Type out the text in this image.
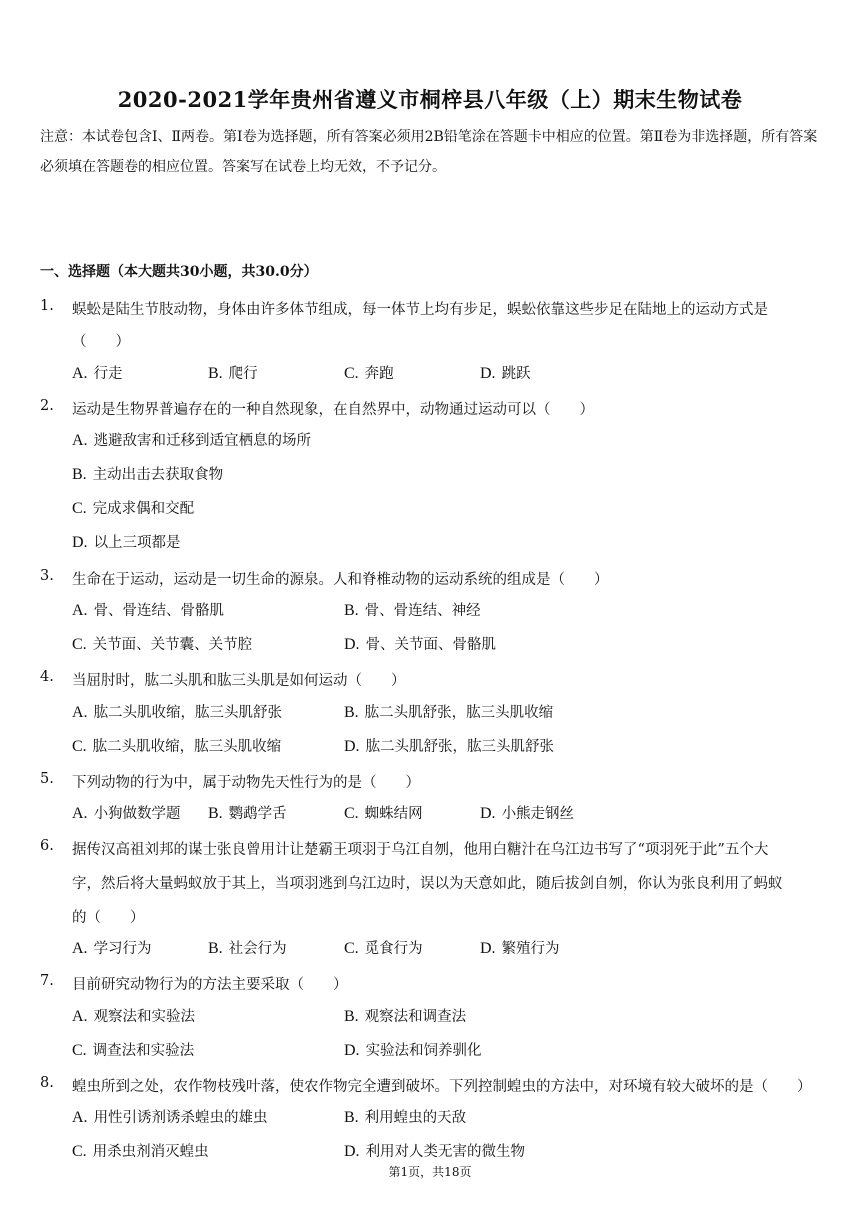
2020-2021学年贵州省遵义市桐梓县八年级（上）期末生物试卷
注意：本试卷包含Ⅰ、Ⅱ两卷。第Ⅰ卷为选择题，所有答案必须用2B铅笔涂在答题卡中相应的位置。第Ⅱ卷为非选择题，所有答案必须填在答题卷的相应位置。答案写在试卷上均无效，不予记分。
一、选择题（本大题共30小题，共30.0分）
1. 蜈蚣是陆生节肢动物，身体由许多体节组成，每一体节上均有步足，蜈蚣依靠这些步足在陆地上的运动方式是
（　　）
A. 行走	B. 爬行	C. 奔跑	D. 跳跃
2. 运动是生物界普遍存在的一种自然现象，在自然界中，动物通过运动可以（　　）
A. 逃避敌害和迁移到适宜栖息的场所
B. 主动出击去获取食物
C. 完成求偶和交配
D. 以上三项都是
3. 生命在于运动，运动是一切生命的源泉。人和脊椎动物的运动系统的组成是（　　）
A. 骨、骨连结、骨骼肌	B. 骨、骨连结、神经
C. 关节面、关节囊、关节腔	D. 骨、关节面、骨骼肌
4. 当屈肘时，肱二头肌和肱三头肌是如何运动（　　）
A. 肱二头肌收缩，肱三头肌舒张	B. 肱二头肌舒张，肱三头肌收缩
C. 肱二头肌收缩，肱三头肌收缩	D. 肱二头肌舒张，肱三头肌舒张
5. 下列动物的行为中，属于动物先天性行为的是（　　）
A. 小狗做数学题 B. 鹦鹉学舌	C. 蜘蛛结网	D. 小熊走钢丝
6. 据传汉高祖刘邦的谋士张良曾用计让楚霸王项羽于乌江自刎，他用白糖汁在乌江边书写了“项羽死于此”五个大
字，然后将大量蚂蚁放于其上，当项羽逃到乌江边时，误以为天意如此，随后拔剑自刎，你认为张良利用了蚂蚁
的（　　）
A. 学习行为	B. 社会行为	C. 觅食行为	D. 繁殖行为
7. 目前研究动物行为的方法主要采取（　　）
A. 观察法和实验法	B. 观察法和调查法
C. 调查法和实验法	D. 实验法和饲养驯化
8. 蝗虫所到之处，农作物枝残叶落，使农作物完全遭到破坏。下列控制蝗虫的方法中，对环境有较大破坏的是（　　）
A. 用性引诱剂诱杀蝗虫的雄虫	B. 利用蝗虫的天敌
C. 用杀虫剂消灭蝗虫	D. 利用对人类无害的微生物
第1页，共18页
